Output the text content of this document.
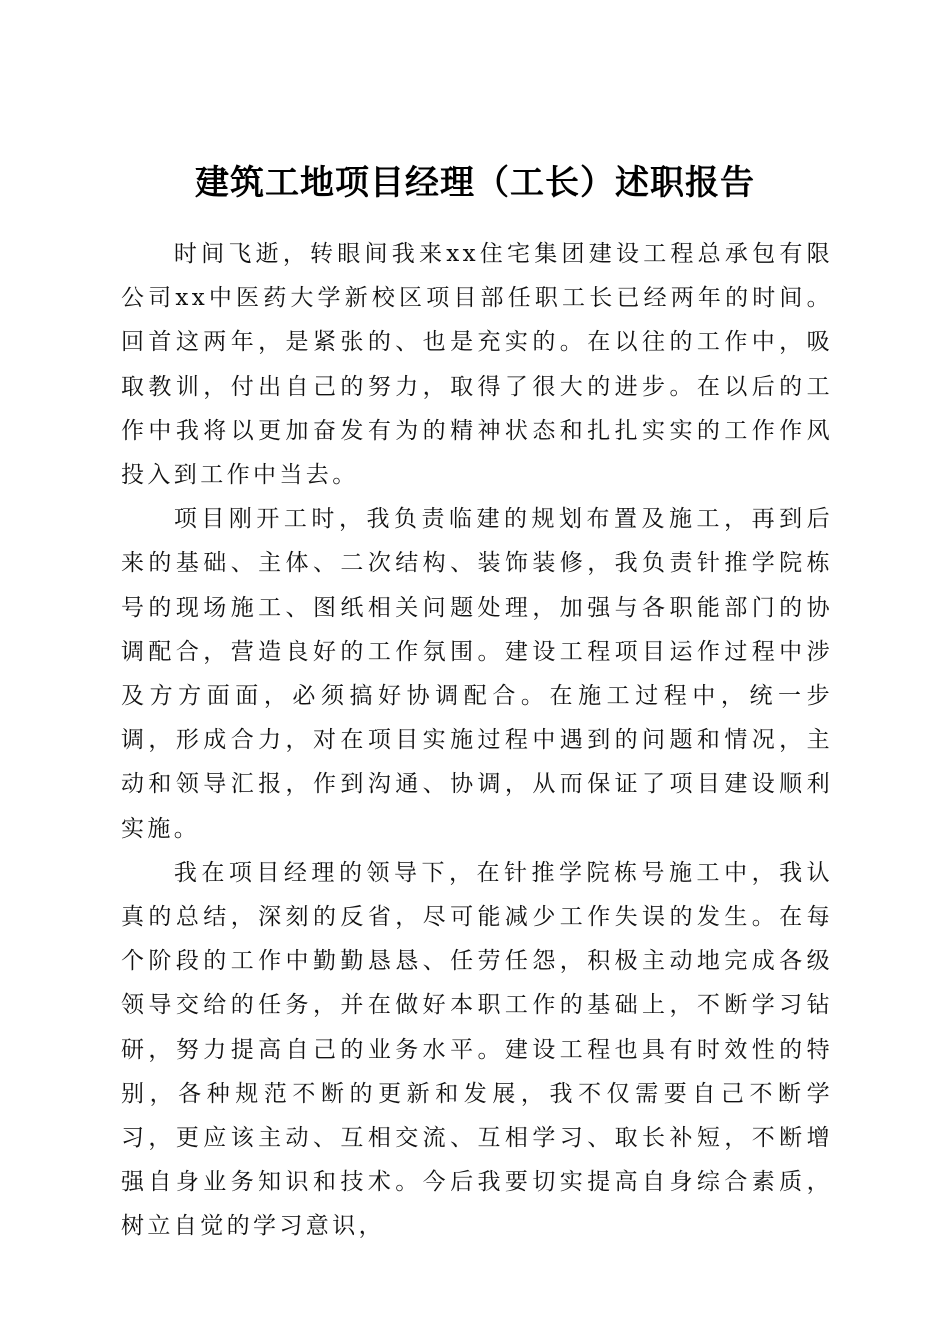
建筑工地项目经理（工长）述职报告

时间飞逝，转眼间我来xx住宅集团建设工程总承包有限公司xx中医药大学新校区项目部任职工长已经两年的时间。回首这两年，是紧张的、也是充实的。在以往的工作中，吸取教训，付出自己的努力，取得了很大的进步。在以后的工作中我将以更加奋发有为的精神状态和扎扎实实的工作作风投入到工作中当去。

项目刚开工时，我负责临建的规划布置及施工，再到后来的基础、主体、二次结构、装饰装修，我负责针推学院栋号的现场施工、图纸相关问题处理，加强与各职能部门的协调配合，营造良好的工作氛围。建设工程项目运作过程中涉及方方面面，必须搞好协调配合。在施工过程中，统一步调，形成合力，对在项目实施过程中遇到的问题和情况，主动和领导汇报，作到沟通、协调，从而保证了项目建设顺利实施。

我在项目经理的领导下，在针推学院栋号施工中，我认真的总结，深刻的反省，尽可能减少工作失误的发生。在每个阶段的工作中勤勤恳恳、任劳任怨，积极主动地完成各级领导交给的任务，并在做好本职工作的基础上，不断学习钻研，努力提高自己的业务水平。建设工程也具有时效性的特别，各种规范不断的更新和发展，我不仅需要自己不断学习，更应该主动、互相交流、互相学习、取长补短，不断增强自身业务知识和技术。今后我要切实提高自身综合素质，树立自觉的学习意识，
